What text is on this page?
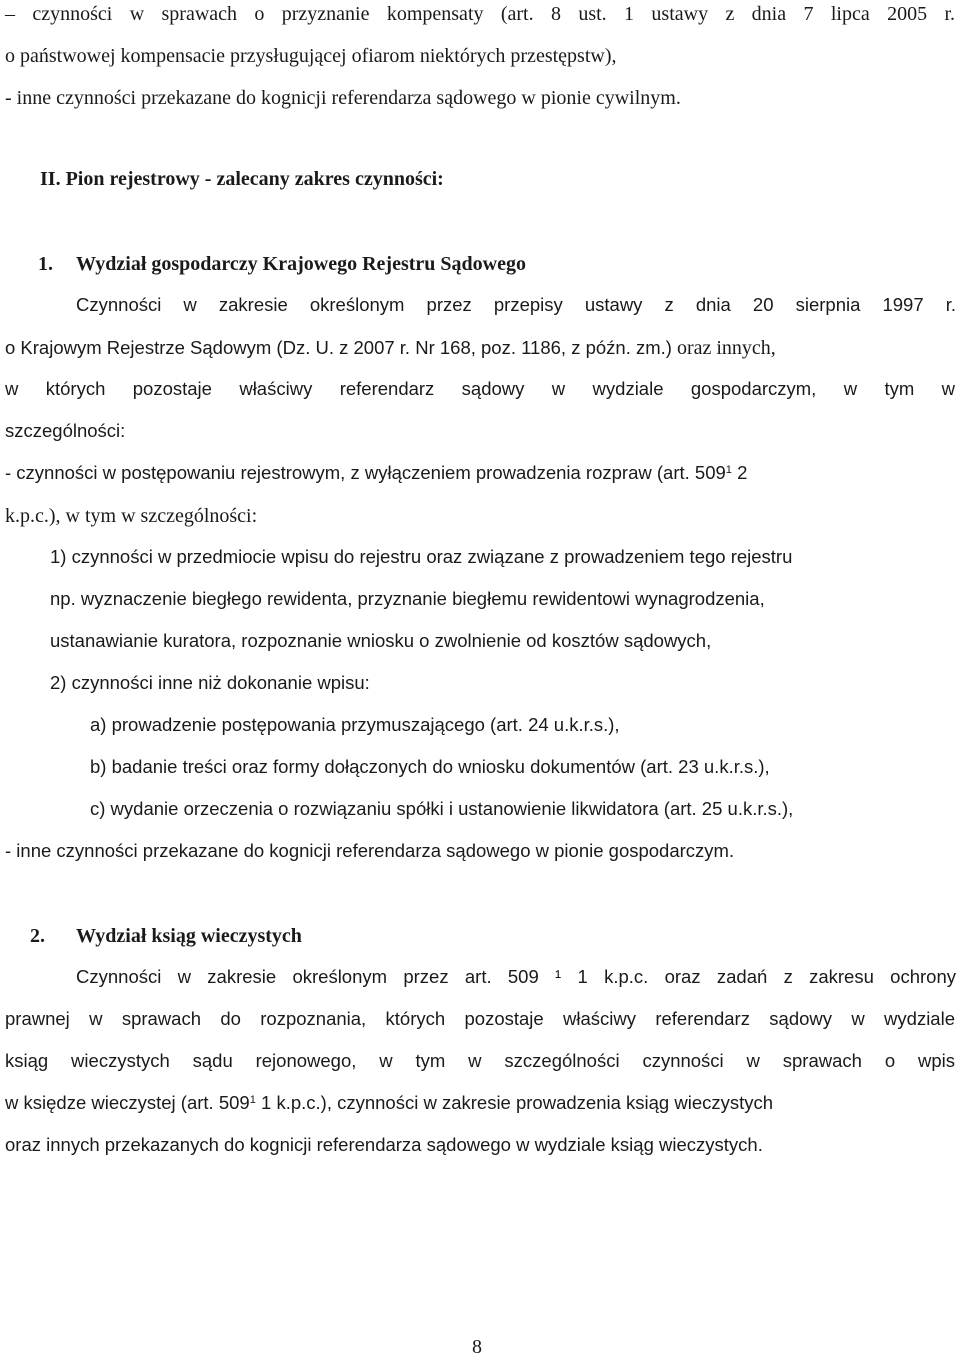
– czynności w sprawach o przyznanie kompensaty (art. 8 ust. 1 ustawy z dnia 7 lipca 2005 r.
o państwowej kompensacie przysługującej ofiarom niektórych przestępstw),
- inne czynności przekazane do kognicji referendarza sądowego w pionie cywilnym.
II. Pion rejestrowy - zalecany zakres czynności:
1. Wydział gospodarczy Krajowego Rejestru Sądowego
Czynności w zakresie określonym przez przepisy ustawy z dnia 20 sierpnia 1997 r.
o Krajowym Rejestrze Sądowym (Dz. U. z 2007 r. Nr 168, poz. 1186, z późn. zm.) oraz innych,
w których pozostaje właściwy referendarz sądowy w wydziale gospodarczym, w tym w
szczególności:
- czynności w postępowaniu rejestrowym, z wyłączeniem prowadzenia rozpraw (art. $509^1$ 2
k.p.c.), w tym w szczególności:
1) czynności w przedmiocie wpisu do rejestru oraz związane z prowadzeniem tego rejestru
np. wyznaczenie biegłego rewidenta, przyznanie biegłemu rewidentowi wynagrodzenia,
ustanawianie kuratora, rozpoznanie wniosku o zwolnienie od kosztów sądowych,
2) czynności inne niż dokonanie wpisu:
a) prowadzenie postępowania przymuszającego (art. 24 u.k.r.s.),
b) badanie treści oraz formy dołączonych do wniosku dokumentów (art. 23 u.k.r.s.),
c) wydanie orzeczenia o rozwiązaniu spółki i ustanowienie likwidatora (art. 25 u.k.r.s.),
- inne czynności przekazane do kognicji referendarza sądowego w pionie gospodarczym.
2. Wydział ksiąg wieczystych
Czynności w zakresie określonym przez art. 509 ¹ 1 k.p.c. oraz zadań z zakresu ochrony
prawnej w sprawach do rozpoznania, których pozostaje właściwy referendarz sądowy w wydziale
ksiąg wieczystych sądu rejonowego, w tym w szczególności czynności w sprawach o wpis
w księdze wieczystej (art. $509^1$ 1 k.p.c.), czynności w zakresie prowadzenia ksiąg wieczystych
oraz innych przekazanych do kognicji referendarza sądowego w wydziale ksiąg wieczystych.
8
